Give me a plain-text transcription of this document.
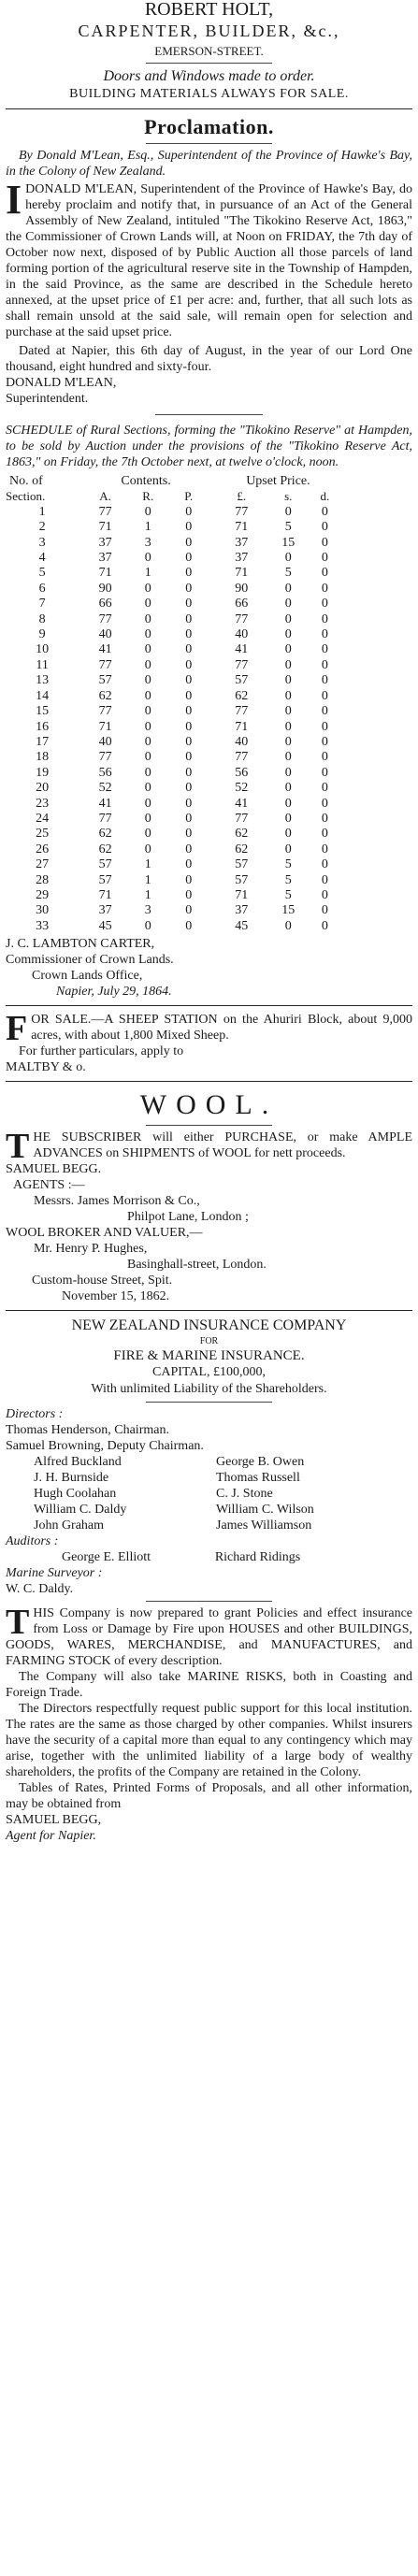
ROBERT HOLT,
CARPENTER, BUILDER, &c.,
EMERSON-STREET.
Doors and Windows made to order.
BUILDING MATERIALS ALWAYS FOR SALE.
Proclamation.
By Donald M'Lean, Esq., Superintendent of the Province of Hawke's Bay, in the Colony of New Zealand.
I DONALD M'LEAN, Superintendent of the Province of Hawke's Bay, do hereby proclaim and notify that, in pursuance of an Act of the General Assembly of New Zealand, intituled "The Tikokino Reserve Act, 1863," the Commissioner of Crown Lands will, at Noon on FRIDAY, the 7th day of October now next, disposed of by Public Auction all those parcels of land forming portion of the agricultural reserve site in the Township of Hampden, in the said Province, as the same are described in the Schedule hereto annexed, at the upset price of £1 per acre: and, further, that all such lots as shall remain unsold at the said sale, will remain open for selection and purchase at the said upset price.
Dated at Napier, this 6th day of August, in the year of our Lord One thousand, eight hundred and sixty-four.
DONALD M'LEAN,
Superintendent.
SCHEDULE of Rural Sections, forming the "Tikokino Reserve" at Hampden, to be sold by Auction under the provisions of the "Tikokino Reserve Act, 1863," on Friday, the 7th October next, at twelve o'clock, noon.
No. of	Contents.			Upset Price.			
Section.	A.	R.	P.	£.	s.	d.	
1	77	0	0	77	0	0	
2	71	1	0	71	5	0	
3	37	3	0	37	15	0	
4	37	0	0	37	0	0	
5	71	1	0	71	5	0	
6	90	0	0	90	0	0	
7	66	0	0	66	0	0	
8	77	0	0	77	0	0	
9	40	0	0	40	0	0	
10	41	0	0	41	0	0	
11	77	0	0	77	0	0	
13	57	0	0	57	0	0	
14	62	0	0	62	0	0	
15	77	0	0	77	0	0	
16	71	0	0	71	0	0	
17	40	0	0	40	0	0	
18	77	0	0	77	0	0	
19	56	0	0	56	0	0	
20	52	0	0	52	0	0	
23	41	0	0	41	0	0	
24	77	0	0	77	0	0	
25	62	0	0	62	0	0	
26	62	0	0	62	0	0	
27	57	1	0	57	5	0	
28	57	1	0	57	5	0	
29	71	1	0	71	5	0	
30	37	3	0	37	15	0	
33	45	0	0	45	0	0	
J. C. LAMBTON CARTER,
Commissioner of Crown Lands.
Crown Lands Office,
Napier, July 29, 1864.
F OR SALE.—A SHEEP STATION on the Ahuriri Block, about 9,000 acres, with about 1,800 Mixed Sheep.
For further particulars, apply to
MALTBY & o.
WOOL.
T HE SUBSCRIBER will either PURCHASE, or make AMPLE ADVANCES on SHIPMENTS of WOOL for nett proceeds.
SAMUEL BEGG.
AGENTS :—
Messrs. James Morrison & Co.,
Philpot Lane, London ;
WOOL BROKER AND VALUER,—
Mr. Henry P. Hughes,
Basinghall-street, London.
Custom-house Street, Spit.
November 15, 1862.
NEW ZEALAND INSURANCE COMPANY
FOR
FIRE & MARINE INSURANCE.
CAPITAL, £100,000,
With unlimited Liability of the Shareholders.
Directors :
Thomas Henderson, Chairman.
Samuel Browning, Deputy Chairman.
Alfred Buckland	George B. Owen
J. H. Burnside	Thomas Russell
Hugh Coolahan	C. J. Stone
William C. Daldy	William C. Wilson
John Graham	James Williamson
Auditors :
George E. Elliott	Richard Ridings
Marine Surveyor :
W. C. Daldy.
T HIS Company is now prepared to grant Policies and effect insurance from Loss or Damage by Fire upon HOUSES and other BUILDINGS, GOODS, WARES, MERCHANDISE, and MANUFACTURES, and FARMING STOCK of every description.
The Company will also take MARINE RISKS, both in Coasting and Foreign Trade.
The Directors respectfully request public support for this local institution. The rates are the same as those charged by other companies. Whilst insurers have the security of a capital more than equal to any contingency which may arise, together with the unlimited liability of a large body of wealthy shareholders, the profits of the Company are retained in the Colony.
Tables of Rates, Printed Forms of Proposals, and all other information, may be obtained from
SAMUEL BEGG,
Agent for Napier.
